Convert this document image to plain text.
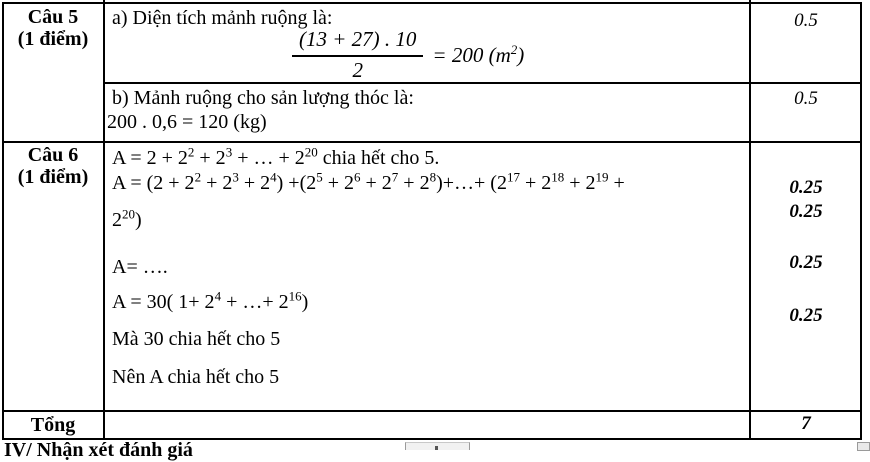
Câu 5
(1 điểm)
a) Diện tích mảnh ruộng là:
$\frac{(13 + 27) . 10}{2} = 200$ $(m^2)$
0.5
b) Mảnh ruộng cho sản lượng thóc là:
200 . 0,6 = 120 (kg)
0.5
Câu 6
(1 điểm)
$A = 2 + 2^2 + 2^3$ + … + $2^{20}$ chia hết cho 5.
$A = (2 + 2^2 + 2^3 + 2^4) +(2^5 + 2^6 + 2^7$ + $2^8)+\dots+ (2^{17} + 2^{18} + 2^{19}$ +
$2^{20}$)
A= ….
A = 30( $1+ 2^4$ + …+ $2^{16}$)
Mà 30 chia hết cho 5
Nên A chia hết cho 5
0.25
0.25
0.25
0.25
Tổng	7
IV/ Nhận xét đánh giá
